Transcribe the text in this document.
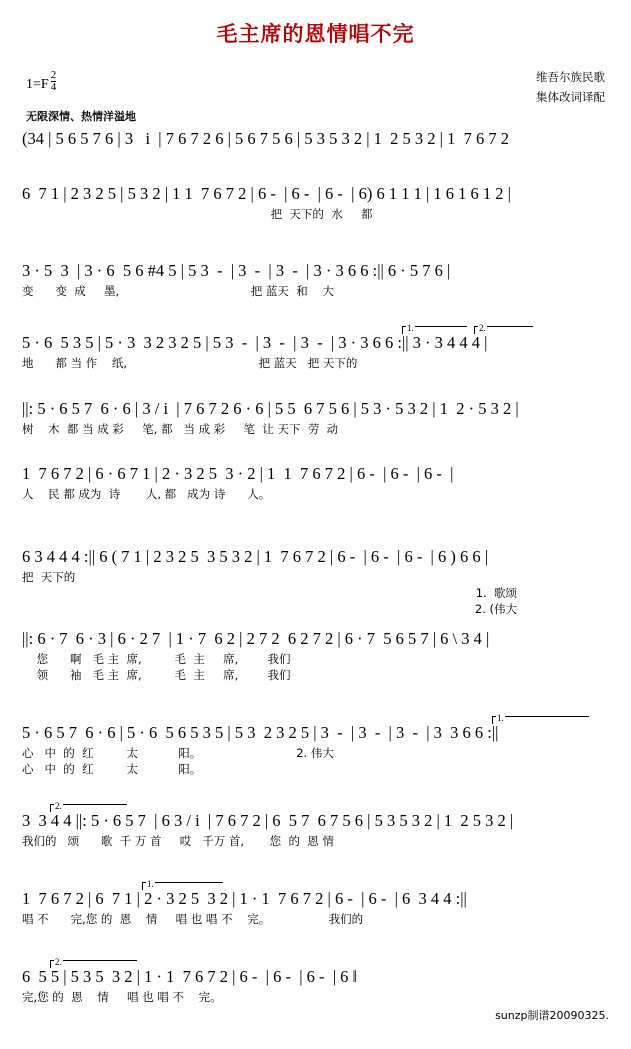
毛主席的恩情唱不完
$1=F \frac{2}{4}$	维吾尔族民歌
集体改词译配
无限深情、热情洋溢地
(34 | 5 6 5 7 6 | 3   i  | 7 6 7 2 6 | 5 6 7 5 6 | 5 3 5 3 2 | 1  2 5 3 2 | 1  7 6 7 2
6  7 1 | 2 3 2 5 | 5 3 2 | 1 1  7 6 7 2 | 6 -  | 6 -  | 6 -  | 6) 6 1 1 1 | 1 6 1 6 1 2 |
把  天下的  水     都
3 · 5  3  | 3 · 6  5 6 #4 5 | 5 3  -  | 3  -  | 3  -  | 3 · 3 6 6 :|| 6 · 5 7 6 |
变      变  成     墨,                                    把 蓝天  和    大

1.

	2.

5 · 6  5 3 5 | 5 · 3  3 2 3 2 5 | 5 3  -  | 3  -  | 3  -  | 3 · 3 6 6 :|| 3 · 3 4 4 4 |
地      都 当 作    纸,                                    把 蓝天   把 天下的
||: 5 · 6 5 7  6 · 6 | 3 / i  | 7 6 7 2 6 · 6 | 5 5  6 7 5 6 | 5 3 · 5 3 2 | 1  2 · 5 3 2 |
树    木  都 当 成 彩     笔, 都   当 成 彩     笔  让 天下  劳  动
1  7 6 7 2 | 6 · 6 7 1 | 2 · 3 2 5  3 · 2 | 1  1  7 6 7 2 | 6 -  | 6 -  | 6 -  |
人    民 都 成为  诗       人, 都   成为 诗      人。
6 3 4 4 4 :|| 6 ( 7 1 | 2 3 2 5  3 5 3 2 | 1  7 6 7 2 | 6 -  | 6 -  | 6 -  | 6 ) 6 6 |
把  天下的
1.  歌颂
2. (伟大
||: 6 · 7  6 · 3 | 6 · 2 7  | 1 · 7  6 2 | 2 7 2  6 2 7 2 | 6 · 7  5 6 5 7 | 6 \ 3 4 |
您      啊   毛 主  席,         毛  主     席,        我们
领      袖   毛 主  席,         毛  主     席,        我们

1.

5 · 6 5 7  6 · 6 | 5 · 6  5 6 5 3 5 | 5 3  2 3 2 5 | 3  -  | 3  -  | 3  -  | 3  3 6 6 :||
心   中  的  红         太           阳。                          2. 伟大
心   中  的  红         太           阳。

2.

3  3 4 4 ||: 5 · 6 5 7  | 6 3 / i  | 7 6 7 2 | 6  5 7  6 7 5 6 | 5 3 5 3 2 | 1  2 5 3 2 |
我们的   颂      歌  千 万 首     哎   千万 首,       您  的  恩 情

1.

1  7 6 7 2 | 6  7 1 | 2 · 3 2 5  3 2 | 1 · 1  7 6 7 2 | 6 -  | 6 -  | 6  3 4 4 :||
唱 不      完,您 的  恩    情     唱 也 唱 不    完。                我们的

2.

6  5 5 | 5 3 5  3 2 | 1 · 1  7 6 7 2 | 6 -  | 6 -  | 6 -  | 6 ‖
完,您 的  恩    情     唱 也 唱 不    完。
sunzp制谱20090325.
